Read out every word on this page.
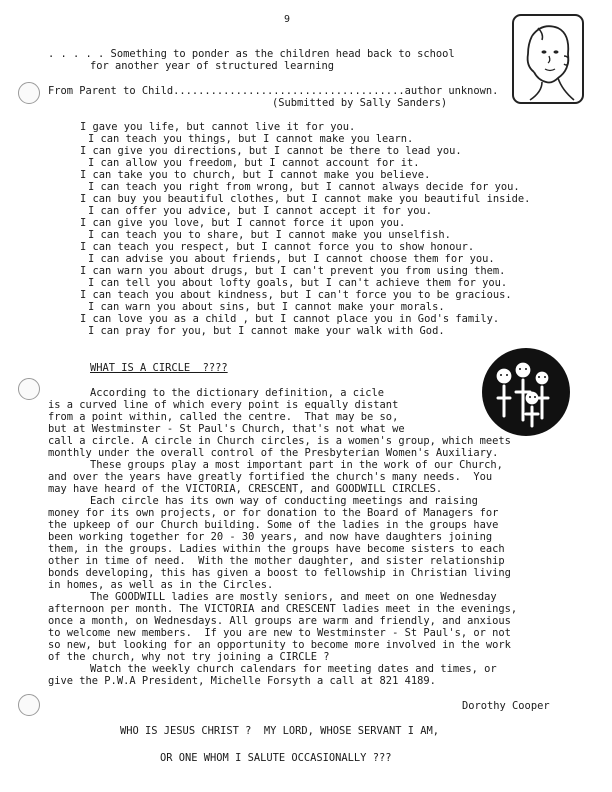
9
. . . . . Something to ponder as the children head back to school
for another year of structured learning
From Parent to Child.....................................author unknown.
(Submitted by Sally Sanders)
I gave you life, but cannot live it for you.
I can teach you things, but I cannot make you learn.
I can give you directions, but I cannot be there to lead you.
I can allow you freedom, but I cannot account for it.
I can take you to church, but I cannot make you believe.
I can teach you right from wrong, but I cannot always decide for you.
I can buy you beautiful clothes, but I cannot make you beautiful inside.
I can offer you advice, but I cannot accept it for you.
I can give you love, but I cannot force it upon you.
I can teach you to share, but I cannot make you unselfish.
I can teach you respect, but I cannot force you to show honour.
I can advise you about friends, but I cannot choose them for you.
I can warn you about drugs, but I can't prevent you from using them.
I can tell you about lofty goals, but I can't achieve them for you.
I can teach you about kindness, but I can't force you to be gracious.
I can warn you about sins, but I cannot make your morals.
I can love you as a child , but I cannot place you in God's family.
I can pray for you, but I cannot make your walk with God.
WHAT IS A CIRCLE  ????
According to the dictionary definition, a cicle
is a curved line of which every point is equally distant
from a point within, called the centre.  That may be so,
but at Westminster - St Paul's Church, that's not what we
call a circle. A circle in Church circles, is a women's group, which meets
monthly under the overall control of the Presbyterian Women's Auxiliary.
These groups play a most important part in the work of our Church,
and over the years have greatly fortified the church's many needs.  You
may have heard of the VICTORIA, CRESCENT, and GOODWILL CIRCLES.
Each circle has its own way of conducting meetings and raising
money for its own projects, or for donation to the Board of Managers for
the upkeep of our Church building. Some of the ladies in the groups have
been working together for 20 - 30 years, and now have daughters joining
them, in the groups. Ladies within the groups have become sisters to each
other in time of need.  With the mother daughter, and sister relationship
bonds developing, this has given a boost to fellowship in Christian living
in homes, as well as in the Circles.
The GOODWILL ladies are mostly seniors, and meet on one Wednesday
afternoon per month. The VICTORIA and CRESCENT ladies meet in the evenings,
once a month, on Wednesdays. All groups are warm and friendly, and anxious
to welcome new members.  If you are new to Westminster - St Paul's, or not
so new, but looking for an opportunity to become more involved in the work
of the church, why not try joining a CIRCLE ?
Watch the weekly church calendars for meeting dates and times, or
give the P.W.A President, Michelle Forsyth a call at 821 4189.
Dorothy Cooper
WHO IS JESUS CHRIST ?  MY LORD, WHOSE SERVANT I AM,
OR ONE WHOM I SALUTE OCCASIONALLY ???
